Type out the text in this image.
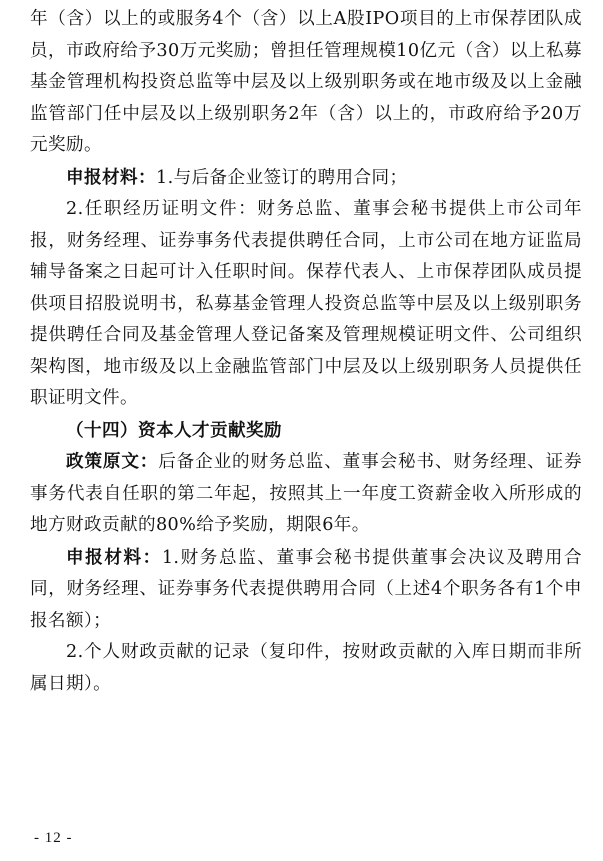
年（含）以上的或服务4个（含）以上A股IPO项目的上市保荐团队成员，市政府给予30万元奖励；曾担任管理规模10亿元（含）以上私募基金管理机构投资总监等中层及以上级别职务或在地市级及以上金融监管部门任中层及以上级别职务2年（含）以上的，市政府给予20万元奖励。

申报材料：1.与后备企业签订的聘用合同；

2.任职经历证明文件：财务总监、董事会秘书提供上市公司年报，财务经理、证券事务代表提供聘任合同，上市公司在地方证监局辅导备案之日起可计入任职时间。保荐代表人、上市保荐团队成员提供项目招股说明书，私募基金管理人投资总监等中层及以上级别职务提供聘任合同及基金管理人登记备案及管理规模证明文件、公司组织架构图，地市级及以上金融监管部门中层及以上级别职务人员提供任职证明文件。

（十四）资本人才贡献奖励

政策原文：后备企业的财务总监、董事会秘书、财务经理、证券事务代表自任职的第二年起，按照其上一年度工资薪金收入所形成的地方财政贡献的80%给予奖励，期限6年。

申报材料：1.财务总监、董事会秘书提供董事会决议及聘用合同，财务经理、证券事务代表提供聘用合同（上述4个职务各有1个申报名额）；

2.个人财政贡献的记录（复印件，按财政贡献的入库日期而非所属日期）。

- 12 -
